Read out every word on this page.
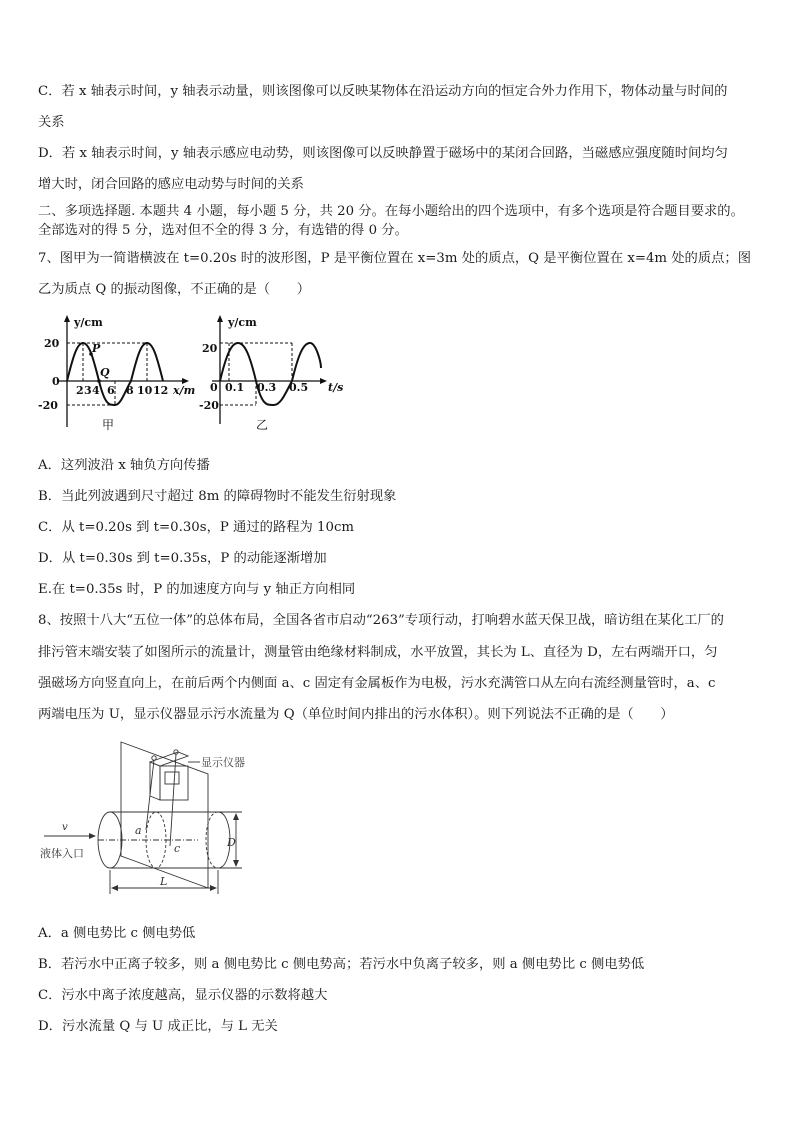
C．若 x 轴表示时间，y 轴表示动量，则该图像可以反映某物体在沿运动方向的恒定合外力作用下，物体动量与时间的
关系
D．若 x 轴表示时间，y 轴表示感应电动势，则该图像可以反映静置于磁场中的某闭合回路，当磁感应强度随时间均匀
增大时，闭合回路的感应电动势与时间的关系
二、多项选择题. 本题共 4 小题，每小题 5 分，共 20 分。在每小题给出的四个选项中，有多个选项是符合题目要求的。
全部选对的得 5 分，选对但不全的得 3 分，有选错的得 0 分。
7、图甲为一简谐横波在 t=0.20s 时的波形图，P 是平衡位置在 x=3m 处的质点，Q 是平衡位置在 x=4m 处的质点；图
乙为质点 Q 的振动图像，不正确的是（　　）
y/cm
20
-20
0
P
Q
2 3 4 6 8 10 12 x/m
甲
y/cm
20
-20
0 0.1 0.3 0.5 t/s
乙
A．这列波沿 x 轴负方向传播
B．当此列波遇到尺寸超过 8m 的障碍物时不能发生衍射现象
C．从 t=0.20s 到 t=0.30s，P 通过的路程为 10cm
D．从 t=0.30s 到 t=0.35s，P 的动能逐渐增加
E.在 t=0.35s 时，P 的加速度方向与 y 轴正方向相同
8、按照十八大“五位一体”的总体布局，全国各省市启动“263”专项行动，打响碧水蓝天保卫战，暗访组在某化工厂的
排污管末端安装了如图所示的流量计，测量管由绝缘材料制成，水平放置，其长为 L、直径为 D，左右两端开口，匀
强磁场方向竖直向上，在前后两个内侧面 a、c 固定有金属板作为电极，污水充满管口从左向右流经测量管时，a、c
两端电压为 U，显示仪器显示污水流量为 Q（单位时间内排出的污水体积）。则下列说法不正确的是（　　）
显示仪器
a
c
v
液体入口
D
L
A．a 侧电势比 c 侧电势低
B．若污水中正离子较多，则 a 侧电势比 c 侧电势高；若污水中负离子较多，则 a 侧电势比 c 侧电势低
C．污水中离子浓度越高，显示仪器的示数将越大
D．污水流量 Q 与 U 成正比，与 L 无关
